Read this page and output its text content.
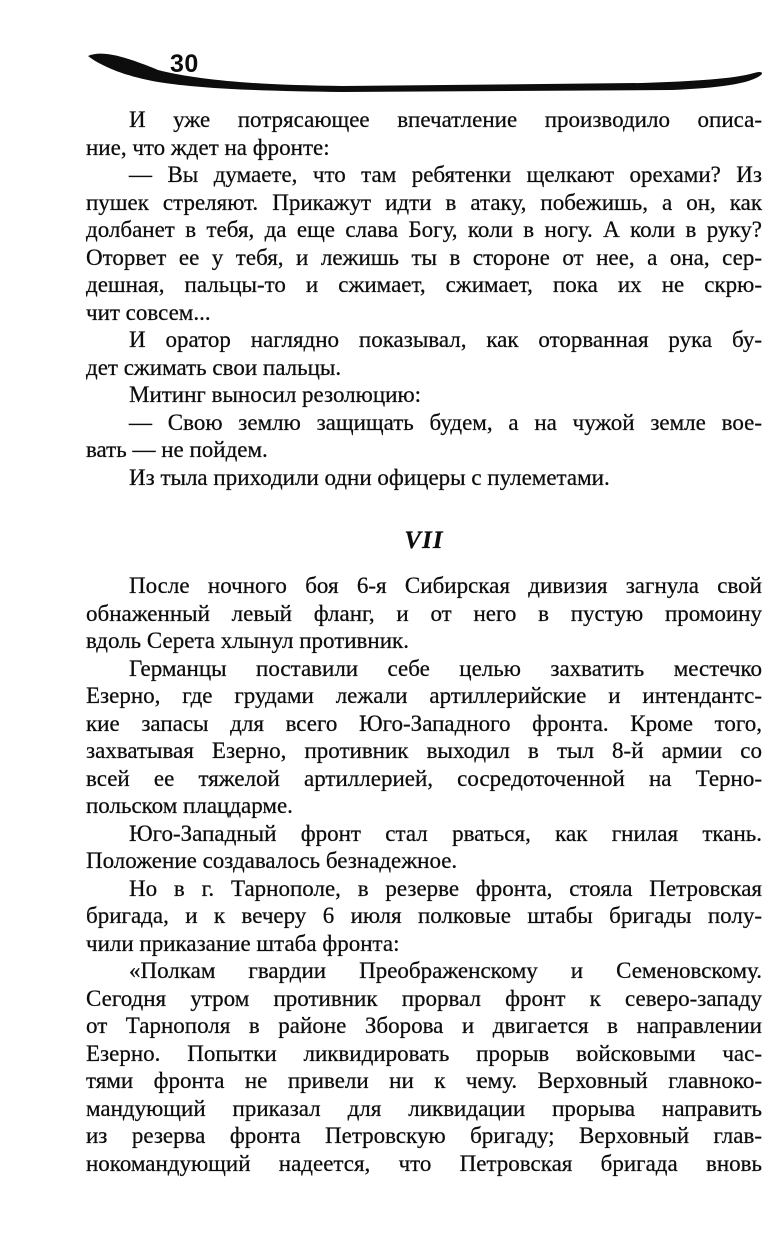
30

И уже потрясающее впечатление производило описа-
ние, что ждет на фронте:

— Вы думаете, что там ребятенки щелкают орехами? Из
пушек стреляют. Прикажут идти в атаку, побежишь, а он, как
долбанет в тебя, да еще слава Богу, коли в ногу. А коли в руку?
Оторвет ее у тебя, и лежишь ты в стороне от нее, а она, сер-
дешная, пальцы-то и сжимает, сжимает, пока их не скрю-
чит совсем...

И оратор наглядно показывал, как оторванная рука бу-
дет сжимать свои пальцы.

Митинг выносил резолюцию:

— Свою землю защищать будем, а на чужой земле вое-
вать — не пойдем.

Из тыла приходили одни офицеры с пулеметами.

VII

После ночного боя 6-я Сибирская дивизия загнула свой
обнаженный левый фланг, и от него в пустую промоину
вдоль Серета хлынул противник.

Германцы поставили себе целью захватить местечко
Езерно, где грудами лежали артиллерийские и интендантс-
кие запасы для всего Юго-Западного фронта. Кроме того,
захватывая Езерно, противник выходил в тыл 8-й армии со
всей ее тяжелой артиллерией, сосредоточенной на Терно-
польском плацдарме.

Юго-Западный фронт стал рваться, как гнилая ткань.
Положение создавалось безнадежное.

Но в г. Тарнополе, в резерве фронта, стояла Петровская
бригада, и к вечеру 6 июля полковые штабы бригады полу-
чили приказание штаба фронта:

«Полкам гвардии Преображенскому и Семеновскому.
Сегодня утром противник прорвал фронт к северо-западу
от Тарнополя в районе Зборова и двигается в направлении
Езерно. Попытки ликвидировать прорыв войсковыми час-
тями фронта не привели ни к чему. Верховный главноко-
мандующий приказал для ликвидации прорыва направить
из резерва фронта Петровскую бригаду; Верховный глав-
нокомандующий надеется, что Петровская бригада вновь
